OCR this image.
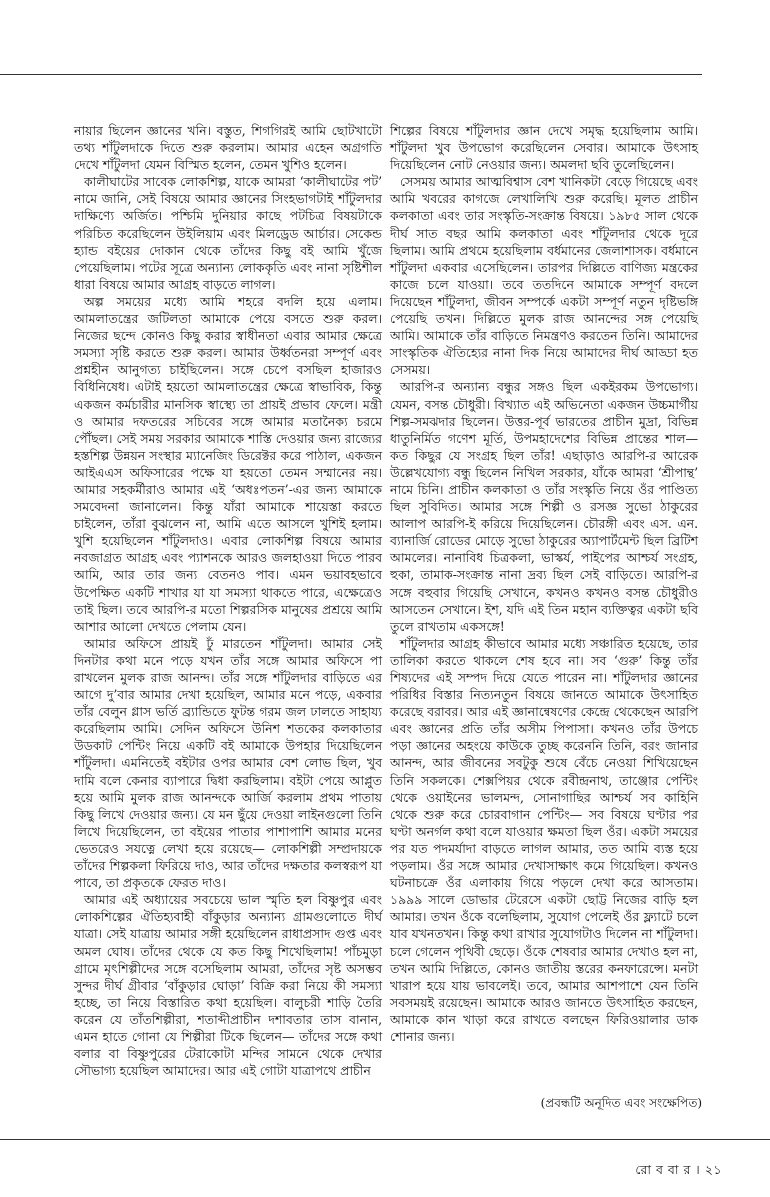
নায়ার ছিলেন জ্ঞানের খনি। বস্তুত, শিগগিরই আমি ছোটখাটো তথ্য শাঁটুলদাকে দিতে শুরু করলাম। আমার এহেন অগ্রগতি দেখে শাঁটুলদা যেমন বিস্মিত হলেন, তেমন খুশিও হলেন।

কালীঘাটের সাবেক লোকশিল্প, যাকে আমরা ‘কালীঘাটের পট’ নামে জানি, সেই বিষয়ে আমার জ্ঞানের সিংহভাগটাই শাঁটুলদার দাক্ষিণ্যে অর্জিত। পশ্চিমি দুনিয়ার কাছে পটচিত্র বিষয়টাকে পরিচিত করেছিলেন উইলিয়াম এবং মিলড্রেড আর্চার। সেকেন্ড হ্যান্ড বইয়ের দোকান থেকে তাঁদের কিছু বই আমি খুঁজে পেয়েছিলাম। পটের সূত্রে অন্যান্য লোককৃতি এবং নানা সৃষ্টিশীল ধারা বিষয়ে আমার আগ্রহ বাড়তে লাগল।

অল্প সময়ের মধ্যে আমি শহরে বদলি হয়ে এলাম। আমলাতন্ত্রের জটিলতা আমাকে পেয়ে বসতে শুরু করল। নিজের ছন্দে কোনও কিছু করার স্বাধীনতা এবার আমার ক্ষেত্রে সমস্যা সৃষ্টি করতে শুরু করল। আমার উর্ধ্বতনরা সম্পূর্ণ এবং প্রশ্নহীন আনুগত্য চাইছিলেন। সঙ্গে চেপে বসছিল হাজারও বিধিনিষেধ। এটাই হয়তো আমলাতন্ত্রের ক্ষেত্রে স্বাভাবিক, কিন্তু একজন কর্মচারীর মানসিক স্বাস্থ্যে তা প্রায়ই প্রভাব ফেলে। মন্ত্রী ও আমার দফতরের সচিবের সঙ্গে আমার মতানৈক্য চরমে পৌঁছল। সেই সময় সরকার আমাকে শাস্তি দেওয়ার জন্য রাজ্যের হস্তশিল্প উন্নয়ন সংস্থার ম্যানেজিং ডিরেক্টর করে পাঠাল, একজন আইএএস অফিসারের পক্ষে যা হয়তো তেমন সম্মানের নয়। আমার সহকর্মীরাও আমার এই ‘অধঃপতন’-এর জন্য আমাকে সমবেদনা জানালেন। কিন্তু যাঁরা আমাকে শায়েস্তা করতে চাইলেন, তাঁরা বুঝলেন না, আমি এতে আসলে খুশিই হলাম। খুশি হয়েছিলেন শাঁটুলদাও। এবার লোকশিল্প বিষয়ে আমার নবজাগ্রত আগ্রহ এবং প্যাশনকে আরও জলহাওয়া দিতে পারব আমি, আর তার জন্য বেতনও পাব। এমন ভয়াবহভাবে উপেক্ষিত একটি শাখার যা যা সমস্যা থাকতে পারে, এক্ষেত্রেও তাই ছিল। তবে আরপি-র মতো শিল্পরসিক মানুষের প্রশ্রয়ে আমি আশার আলো দেখতে পেলাম যেন।

আমার অফিসে প্রায়ই ঢুঁ মারতেন শাঁটুলদা। আমার সেই দিনটার কথা মনে পড়ে যখন তাঁর সঙ্গে আমার অফিসে পা রাখলেন মুলক রাজ আনন্দ। তাঁর সঙ্গে শাঁটুলদার বাড়িতে এর আগে দু’বার আমার দেখা হয়েছিল, আমার মনে পড়ে, একবার তাঁর বেলুন গ্লাস ভর্তি ব্র্যান্ডিতে ফুটন্ত গরম জল ঢালতে সাহায্য করেছিলাম আমি। সেদিন অফিসে উনিশ শতকের কলকাতার উডকাট পেন্টিং নিয়ে একটি বই আমাকে উপহার দিয়েছিলেন শাঁটুলদা। এমনিতেই বইটার ওপর আমার বেশ লোভ ছিল, খুব দামি বলে কেনার ব্যাপারে দ্বিধা করছিলাম। বইটা পেয়ে আপ্লুত হয়ে আমি মুলক রাজ আনন্দকে আর্জি করলাম প্রথম পাতায় কিছু লিখে দেওয়ার জন্য। যে মন ছুঁয়ে দেওয়া লাইনগুলো তিনি লিখে দিয়েছিলেন, তা বইয়ের পাতার পাশাপাশি আমার মনের ভেতরেও সযত্নে লেখা হয়ে রয়েছে— লোকশিল্পী সম্প্রদায়কে তাঁদের শিল্পকলা ফিরিয়ে দাও, আর তাঁদের দক্ষতার কলস্বরূপ যা পাবে, তা প্রকৃতকে ফেরত দাও।

আমার এই অধ্যায়ের সবচেয়ে ভাল স্মৃতি হল বিষ্ণুপুর এবং লোকশিল্পের ঐতিহ্যবাহী বাঁকুড়ার অন্যান্য গ্রামগুলোতে দীর্ঘ যাত্রা। সেই যাত্রায় আমার সঙ্গী হয়েছিলেন রাধাপ্রসাদ গুপ্ত এবং অমল ঘোষ। তাঁদের থেকে যে কত কিছু শিখেছিলাম! পাঁচমুড়া গ্রামে মৃৎশিল্পীদের সঙ্গে বসেছিলাম আমরা, তাঁদের সৃষ্ট অসম্ভব সুন্দর দীর্ঘ গ্রীবার ‘বাঁকুড়ার ঘোড়া’ বিক্রি করা নিয়ে কী সমস্যা হচ্ছে, তা নিয়ে বিস্তারিত কথা হয়েছিল। বালুচরী শাড়ি তৈরি করেন যে তাঁতশিল্পীরা, শতাব্দীপ্রাচীন দশাবতার তাস বানান, এমন হাতে গোনা যে শিল্পীরা টিকে ছিলেন— তাঁদের সঙ্গে কথা বলার বা বিষ্ণুপুরের টেরাকোটা মন্দির সামনে থেকে দেখার সৌভাগ্য হয়েছিল আমাদের। আর এই গোটা যাত্রাপথে প্রাচীন

শিল্পের বিষয়ে শাঁটুলদার জ্ঞান দেখে সমৃদ্ধ হয়েছিলাম আমি। শাঁটুলদা খুব উপভোগ করেছিলেন সেবার। আমাকে উৎসাহ দিয়েছিলেন নোট নেওয়ার জন্য। অমলদা ছবি তুলেছিলেন।

সেসময় আমার আত্মবিশ্বাস বেশ খানিকটা বেড়ে গিয়েছে এবং আমি খবরের কাগজে লেখালিখি শুরু করেছি। মূলত প্রাচীন কলকাতা এবং তার সংস্কৃতি-সংক্রান্ত বিষয়ে। ১৯৮৫ সাল থেকে দীর্ঘ সাত বছর আমি কলকাতা এবং শাঁটুলদার থেকে দূরে ছিলাম। আমি প্রথমে হয়েছিলাম বর্ধমানের জেলাশাসক। বর্ধমানে শাঁটুলদা একবার এসেছিলেন। তারপর দিল্লিতে বাণিজ্য মন্ত্রকের কাজে চলে যাওয়া। তবে ততদিনে আমাকে সম্পূর্ণ বদলে দিয়েছেন শাঁটুলদা, জীবন সম্পর্কে একটা সম্পূর্ণ নতুন দৃষ্টিভঙ্গি পেয়েছি তখন। দিল্লিতে মুলক রাজ আনন্দের সঙ্গ পেয়েছি আমি। আমাকে তাঁর বাড়িতে নিমন্ত্রণও করতেন তিনি। আমাদের সাংস্কৃতিক ঐতিহ্যের নানা দিক নিয়ে আমাদের দীর্ঘ আড্ডা হত সেসময়।

আরপি-র অন্যান্য বন্ধুর সঙ্গও ছিল একইরকম উপভোগ্য। যেমন, বসন্ত চৌধুরী। বিখ্যাত এই অভিনেতা একজন উচ্চমার্গীয় শিল্প-সমঝদার ছিলেন। উত্তর-পূর্ব ভারতের প্রাচীন মুদ্রা, বিভিন্ন ধাতুনির্মিত গণেশ মূর্তি, উপমহাদেশের বিভিন্ন প্রান্তের শাল— কত কিছুর যে সংগ্রহ ছিল তাঁর! এছাড়াও আরপি-র আরেক উল্লেখযোগ্য বন্ধু ছিলেন নিখিল সরকার, যাঁকে আমরা ‘শ্রীপান্থ’ নামে চিনি। প্রাচীন কলকাতা ও তাঁর সংস্কৃতি নিয়ে ওঁর পাণ্ডিত্য ছিল সুবিদিত। আমার সঙ্গে শিল্পী ও রসজ্ঞ সুভো ঠাকুরের আলাপ আরপি-ই করিয়ে দিয়েছিলেন। চৌরঙ্গী এবং এস. এন. ব্যানার্জি রোডের মোড়ে সুভো ঠাকুরের অ্যাপার্টমেন্ট ছিল ব্রিটিশ আমলের। নানাবিধ চিত্রকলা, ভাস্কর্য, পাইপের আশ্চর্য সংগ্রহ, হুকা, তামাক-সংক্রান্ত নানা দ্রব্য ছিল সেই বাড়িতে। আরপি-র সঙ্গে বহুবার গিয়েছি সেখানে, কখনও কখনও বসন্ত চৌধুরীও আসতেন সেখানে। ইশ, যদি এই তিন মহান ব্যক্তিত্বর একটা ছবি তুলে রাখতাম একসঙ্গে!

শাঁটুলদার আগ্রহ কীভাবে আমার মধ্যে সঞ্চারিত হয়েছে, তার তালিকা করতে থাকলে শেষ হবে না। সব ‘গুরু’ কিন্তু তাঁর শিষ্যদের এই সম্পদ দিয়ে যেতে পারেন না। শাঁটুলদার জ্ঞানের পরিধির বিস্তার নিত্যনতুন বিষয়ে জানতে আমাকে উৎসাহিত করেছে বরাবর। আর এই জ্ঞানান্বেষণের কেন্দ্রে থেকেছেন আরপি এবং জ্ঞানের প্রতি তাঁর অসীম পিপাসা। কখনও তাঁর উপচে পড়া জ্ঞানের অহংয়ে কাউকে তুচ্ছ করেননি তিনি, বরং জানার আনন্দ, আর জীবনের সবটুকু শুষে বেঁচে নেওয়া শিখিয়েছেন তিনি সকলকে। শেক্সপিয়র থেকে রবীন্দ্রনাথ, তাঞ্জোর পেন্টিং থেকে ওয়াইনের ভালমন্দ, সোনাগাছির আশ্চর্য সব কাহিনি থেকে শুরু করে চোরবাগান পেন্টিং— সব বিষয়ে ঘণ্টার পর ঘণ্টা অনর্গল কথা বলে যাওয়ার ক্ষমতা ছিল ওঁর। একটা সময়ের পর যত পদমর্যাদা বাড়তে লাগল আমার, তত আমি ব্যস্ত হয়ে পড়লাম। ওঁর সঙ্গে আমার দেখাসাক্ষাৎ কমে গিয়েছিল। কখনও ঘটনাচক্রে ওঁর এলাকায় গিয়ে পড়লে দেখা করে আসতাম। ১৯৯৯ সালে ডোভার টেরেসে একটা ছোট্ট নিজের বাড়ি হল আমার। তখন ওঁকে বলেছিলাম, সুযোগ পেলেই ওঁর ফ্ল্যাটে চলে যাব যখনতখন। কিন্তু কথা রাখার সুযোগটাও দিলেন না শাঁটুলদা। চলে গেলেন পৃথিবী ছেড়ে। ওঁকে শেষবার আমার দেখাও হল না, তখন আমি দিল্লিতে, কোনও জাতীয় স্তরের কনফারেন্সে। মনটা খারাপ হয়ে যায় ভাবলেই। তবে, আমার আশপাশে যেন তিনি সবসময়ই রয়েছেন। আমাকে আরও জানতে উৎসাহিত করছেন, আমাকে কান খাড়া করে রাখতে বলছেন ফিরিওয়ালার ডাক শোনার জন্য।

(প্রবন্ধটি অনূদিত এবং সংক্ষেপিত)
রো ব বা র । ২১
